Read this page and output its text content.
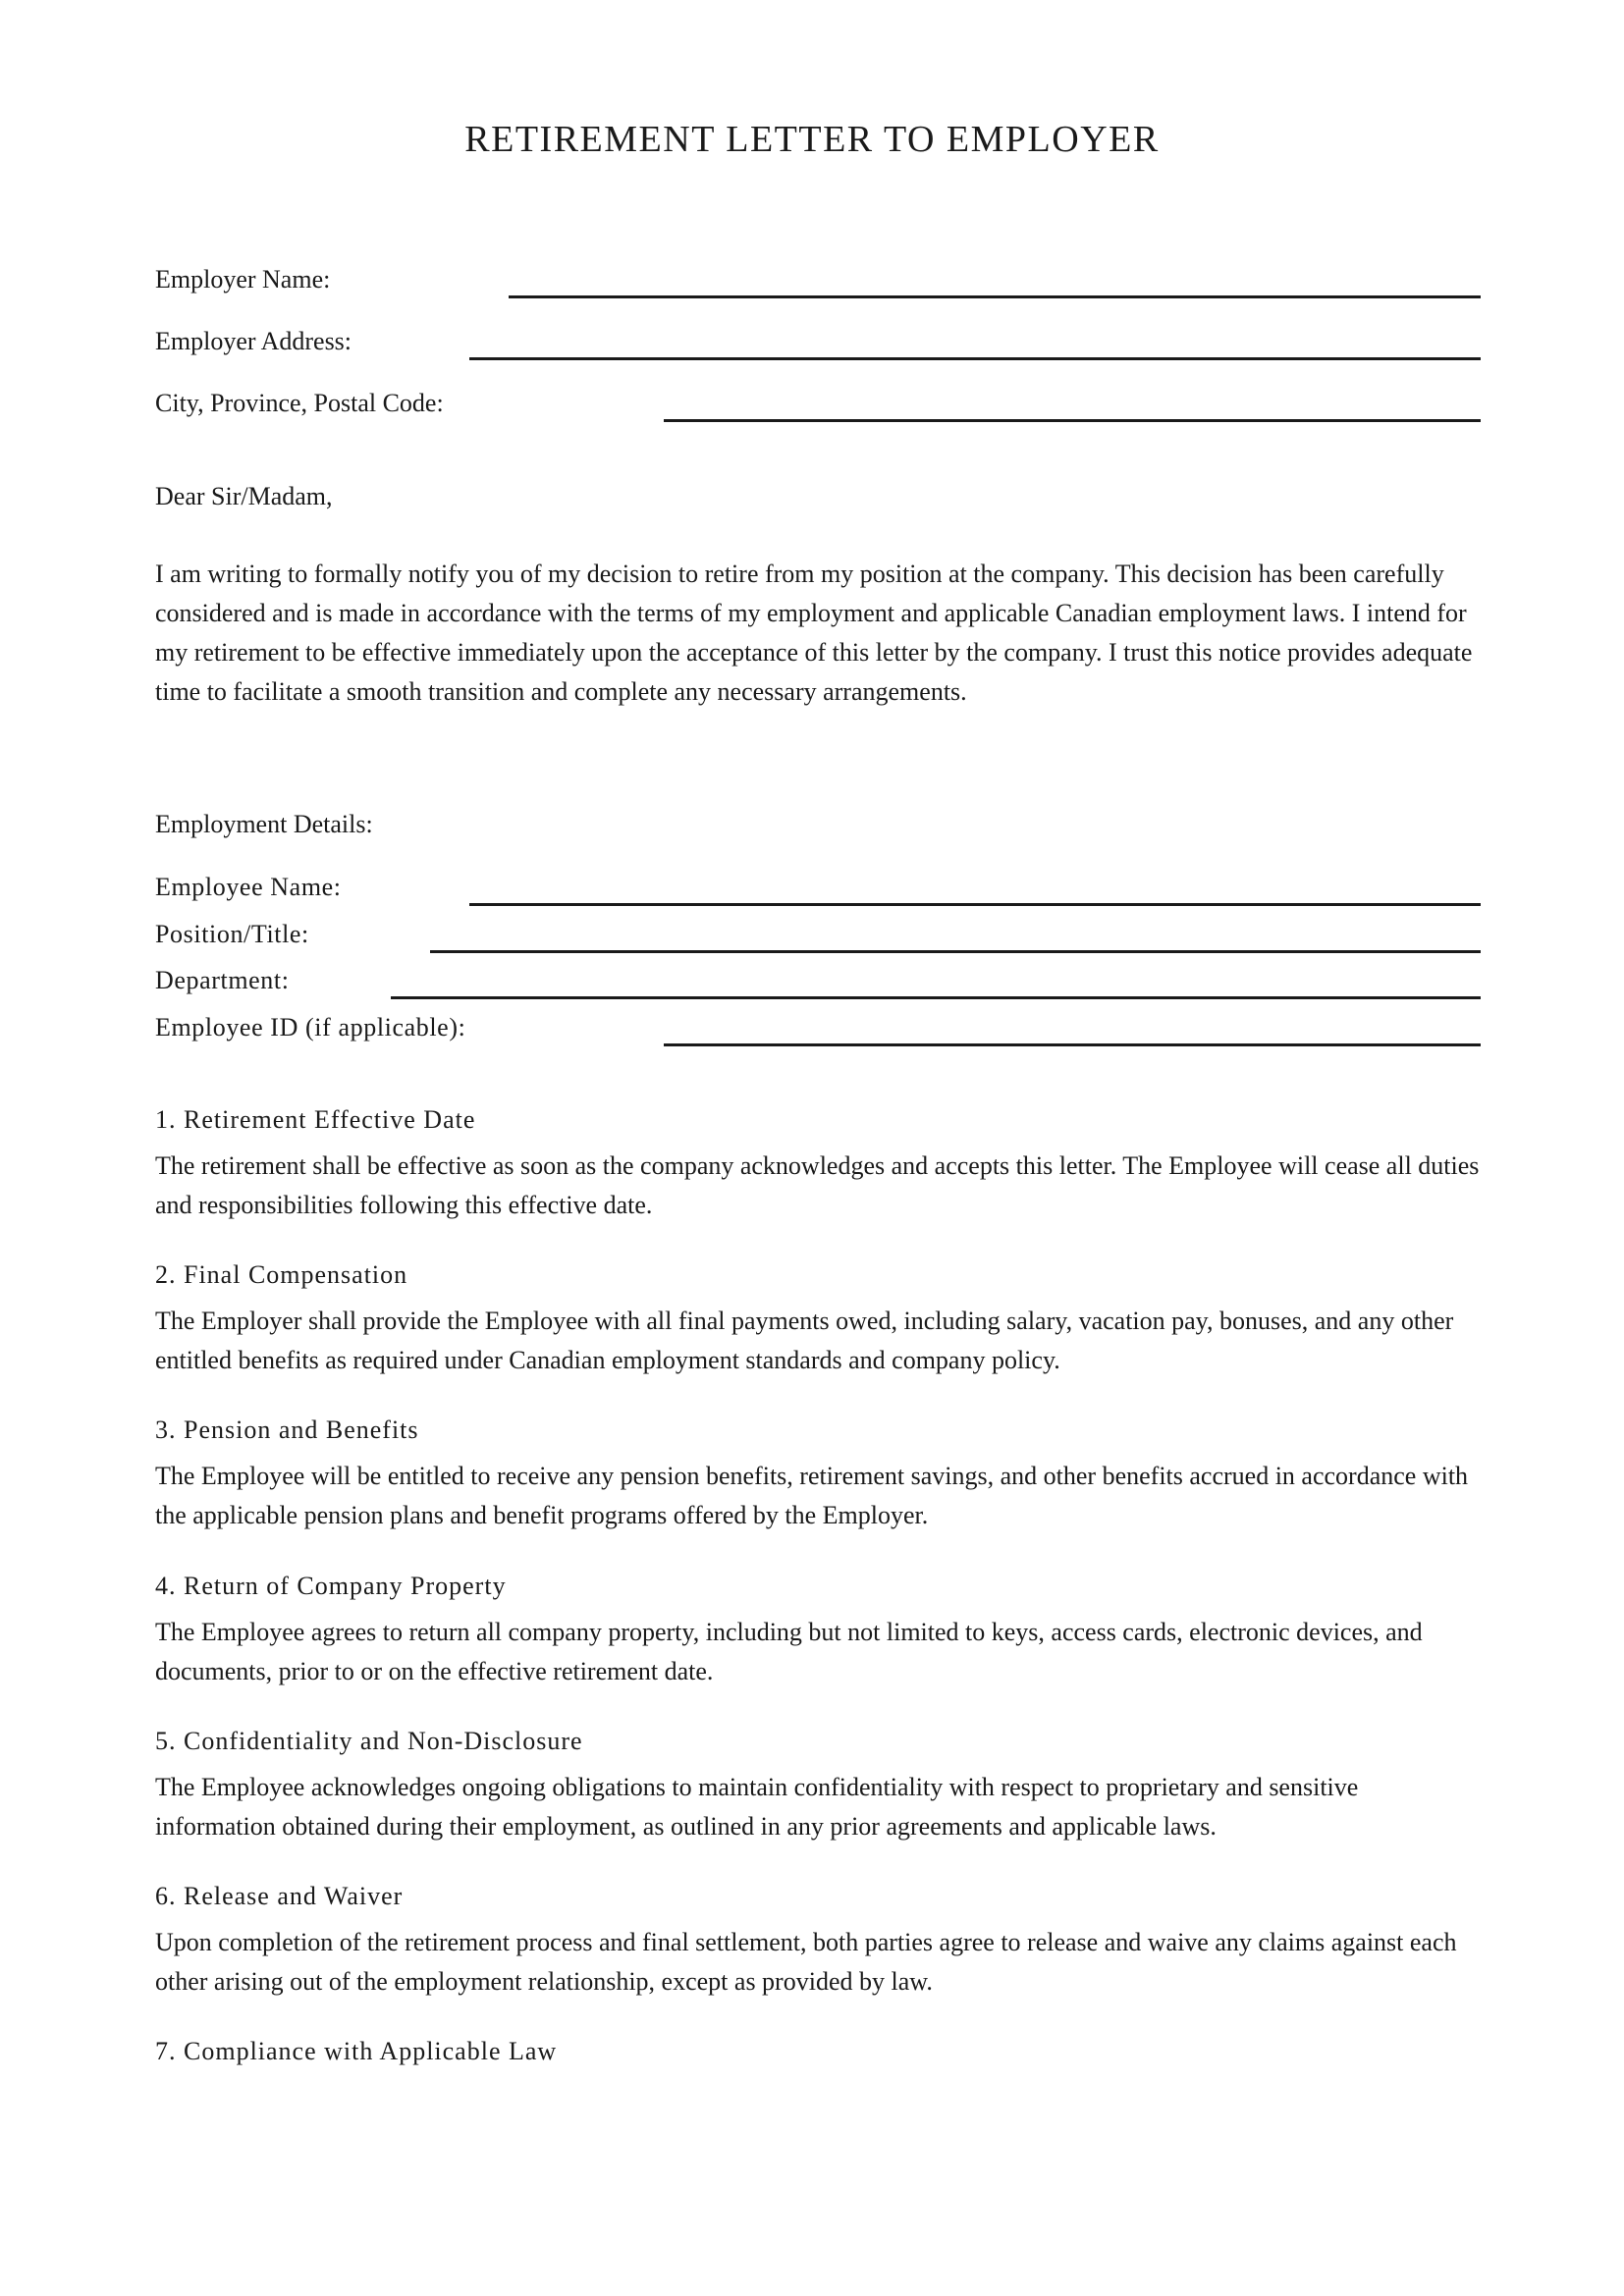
RETIREMENT LETTER TO EMPLOYER
Employer Name:
Employer Address:
City, Province, Postal Code:

Dear Sir/Madam,

I am writing to formally notify you of my decision to retire from my position at the company. This decision has been carefully considered and is made in accordance with the terms of my employment and applicable Canadian employment laws. I intend for my retirement to be effective immediately upon the acceptance of this letter by the company. I trust this notice provides adequate time to facilitate a smooth transition and complete any necessary arrangements.

Employment Details:

Employee Name:
Position/Title:
Department:
Employee ID (if applicable):
1. Retirement Effective Date

The retirement shall be effective as soon as the company acknowledges and accepts this letter. The Employee will cease all duties and responsibilities following this effective date.

2. Final Compensation

The Employer shall provide the Employee with all final payments owed, including salary, vacation pay, bonuses, and any other entitled benefits as required under Canadian employment standards and company policy.

3. Pension and Benefits

The Employee will be entitled to receive any pension benefits, retirement savings, and other benefits accrued in accordance with the applicable pension plans and benefit programs offered by the Employer.

4. Return of Company Property

The Employee agrees to return all company property, including but not limited to keys, access cards, electronic devices, and documents, prior to or on the effective retirement date.

5. Confidentiality and Non-Disclosure

The Employee acknowledges ongoing obligations to maintain confidentiality with respect to proprietary and sensitive information obtained during their employment, as outlined in any prior agreements and applicable laws.

6. Release and Waiver

Upon completion of the retirement process and final settlement, both parties agree to release and waive any claims against each other arising out of the employment relationship, except as provided by law.

7. Compliance with Applicable Law
